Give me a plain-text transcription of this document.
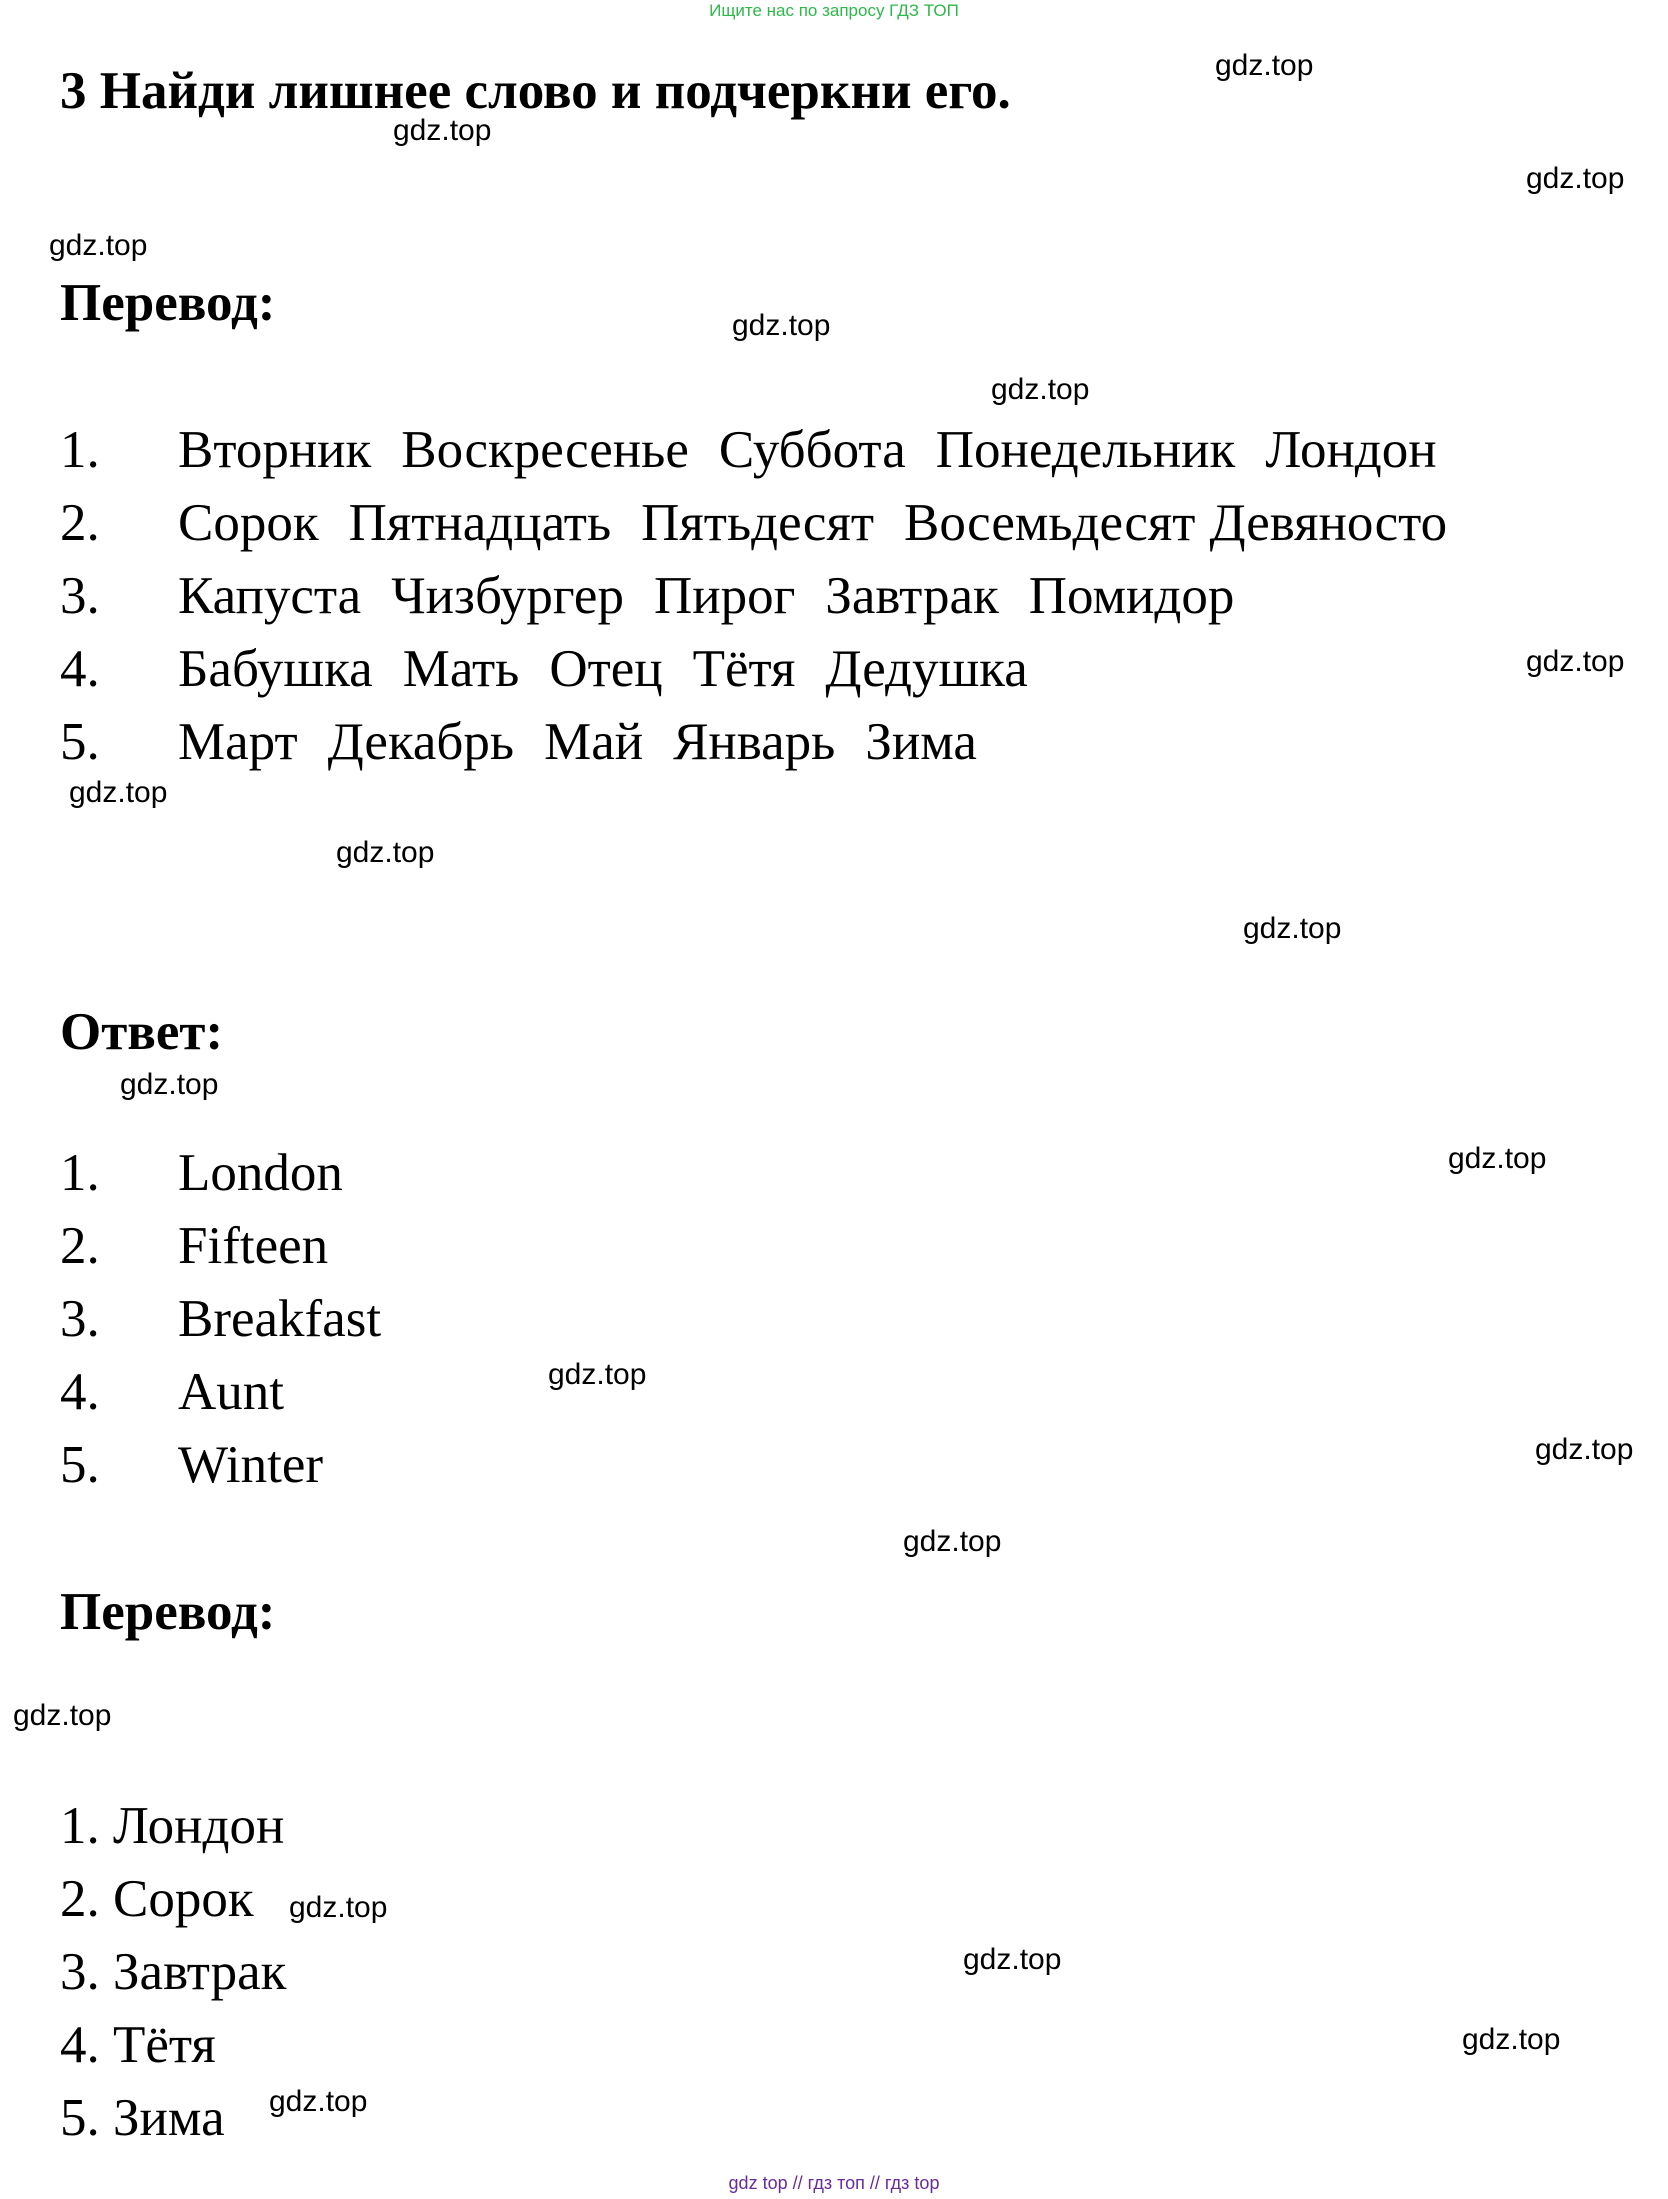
Ищите нас по запросу ГДЗ ТОП
3 Найди лишнее слово и подчеркни его.
Перевод:
1. Вторник Воскресенье Суббота Понедельник Лондон
2. Сорок Пятнадцать Пятьдесят Восемьдесят Девяносто
3. Капуста Чизбургер Пирог Завтрак Помидор
4. Бабушка Мать Отец Тётя Дедушка
5. Март Декабрь Май Январь Зима
Ответ:
1. London
2. Fifteen
3. Breakfast
4. Aunt
5. Winter
Перевод:
1. Лондон
2. Сорок
3. Завтрак
4. Тётя
5. Зима
gdz.top
gdz.top
gdz.top
gdz.top
gdz.top
gdz.top
gdz.top
gdz.top
gdz.top
gdz.top
gdz.top
gdz.top
gdz.top
gdz.top
gdz.top
gdz.top
gdz.top
gdz.top
gdz.top
gdz.top
gdz top // гдз топ // гдз top
